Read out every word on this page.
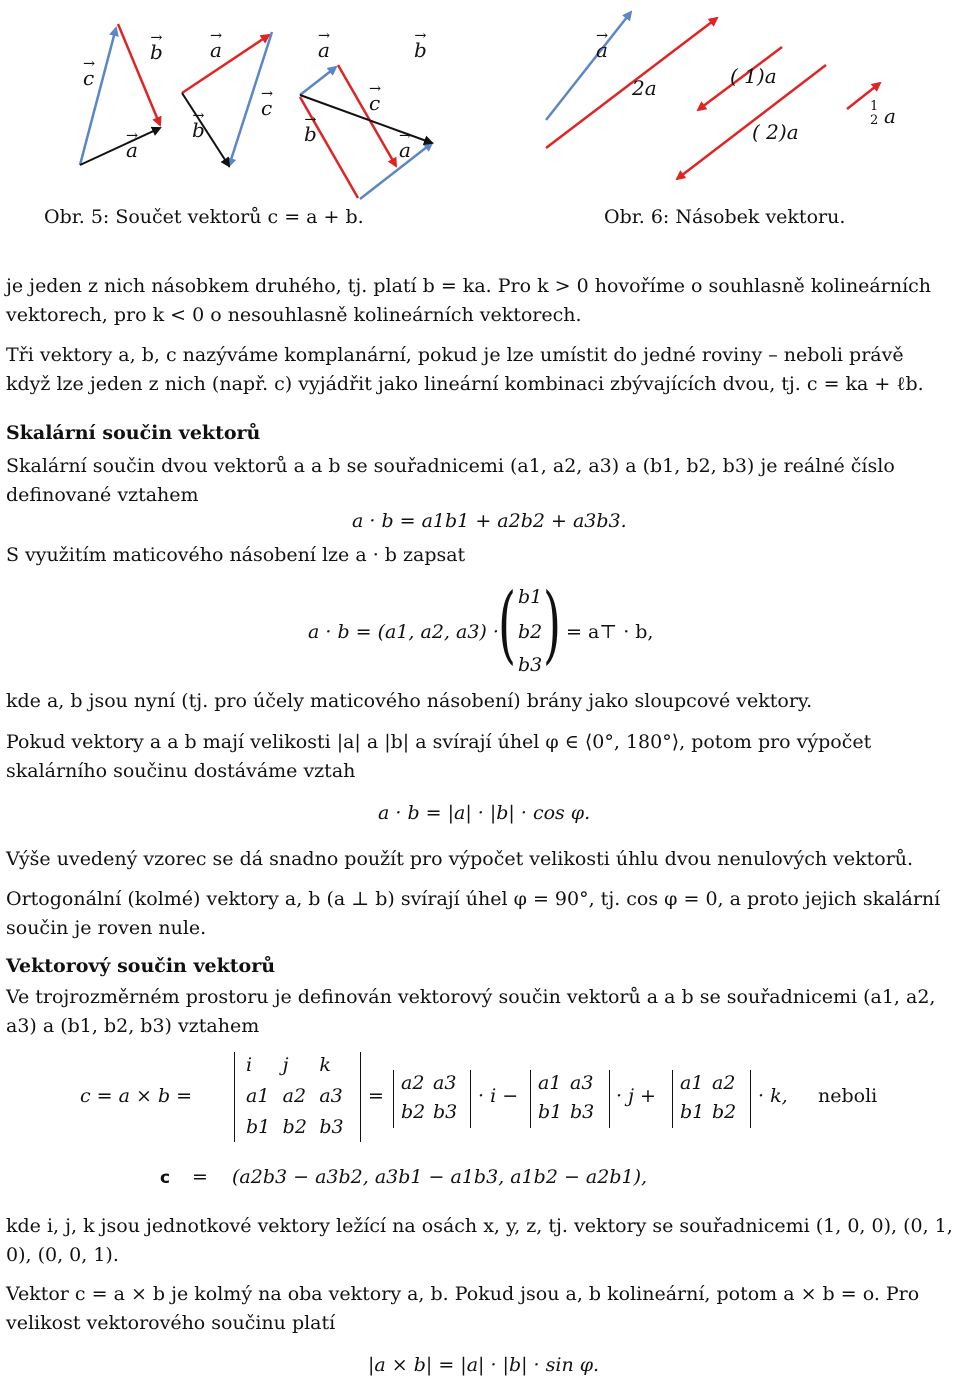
→ c
→ b
→ a
→ a
→ b
→ c
→ a
→	b
→ c
→ b
→ a
Obr. 5: Součet vektorů c = a + b.
→ a
2a	( 1)a
( 2)a
1
2 a
Obr. 6: Násobek vektoru.
je jeden z nich násobkem druhého, tj. platí b = ka. Pro k > 0 hovoříme o souhlasně kolineárních vektorech, pro k < 0 o nesouhlasně kolineárních vektorech.
Tři vektory a, b, c nazýváme komplanární, pokud je lze umístit do jedné roviny – neboli právě když lze jeden z nich (např. c) vyjádřit jako lineární kombinaci zbývajících dvou, tj. c = ka + ℓb.
Skalární součin vektorů
Skalární součin dvou vektorů a a b se souřadnicemi (a1, a2, a3) a (b1, b2, b3) je reálné číslo definované vztahem
a · b = a1b1 + a2b2 + a3b3.
S využitím maticového násobení lze a · b zapsat
a · b = (a1, a2, a3) · ( b1
b2
b3 ) = a⊤ · b,
kde a, b jsou nyní (tj. pro účely maticového násobení) brány jako sloupcové vektory.
Pokud vektory a a b mají velikosti |a| a |b| a svírají úhel φ ∈ ⟨0°, 180°⟩, potom pro výpočet skalárního součinu dostáváme vztah
a · b = |a| · |b| · cos φ.
Výše uvedený vzorec se dá snadno použít pro výpočet velikosti úhlu dvou nenulových vektorů.
Ortogonální (kolmé) vektory a, b (a ⊥ b) svírají úhel φ = 90°, tj. cos φ = 0, a proto jejich skalární součin je roven nule.
Vektorový součin vektorů
Ve trojrozměrném prostoru je definován vektorový součin vektorů a a b se souřadnicemi (a1, a2, a3) a (b1, b2, b3) vztahem
c = a × b =
i	j	k
a1 a2 a3
b1 b2 b3
=
a2 a3
b2 b3
· i −
a1 a3
b1 b3
· j +
a1 a2
b1 b2
· k, neboli
c = (a2b3 − a3b2, a3b1 − a1b3, a1b2 − a2b1),
kde i, j, k jsou jednotkové vektory ležící na osách x, y, z, tj. vektory se souřadnicemi (1, 0, 0), (0, 1, 0), (0, 0, 1).
Vektor c = a × b je kolmý na oba vektory a, b. Pokud jsou a, b kolineární, potom a × b = o. Pro velikost vektorového součinu platí
|a × b| = |a| · |b| · sin φ.
